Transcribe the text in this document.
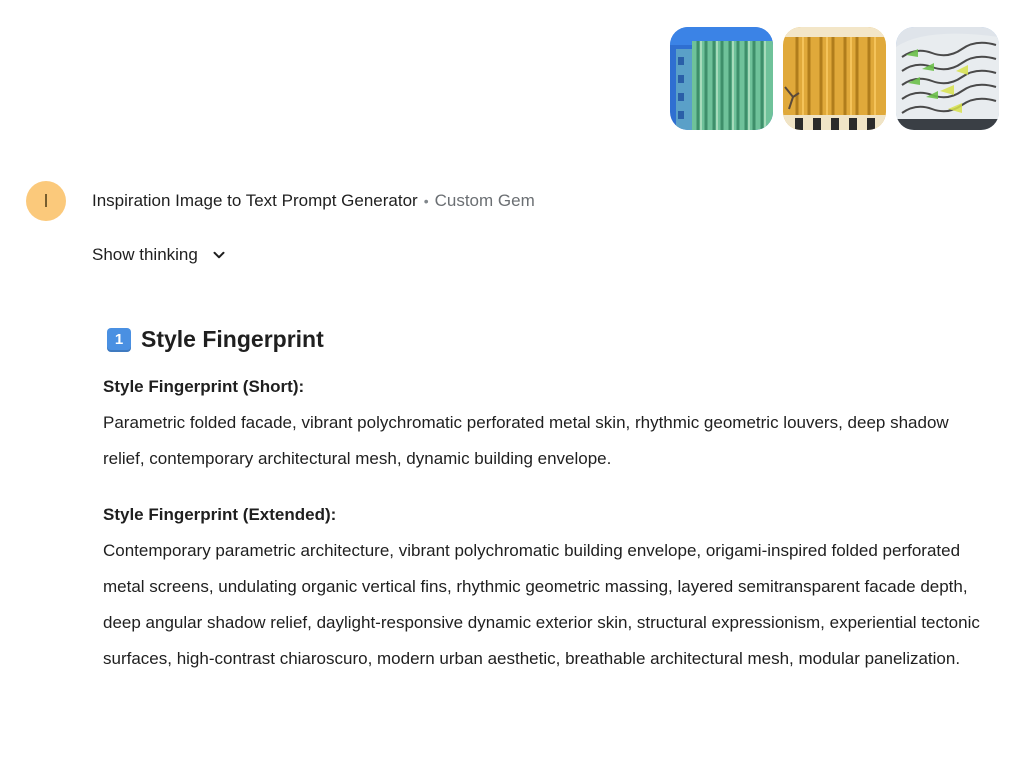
I	Inspiration Image to Text Prompt Generator • Custom Gem
Show thinking
1 Style Fingerprint

Style Fingerprint (Short):

Parametric folded facade, vibrant polychromatic perforated metal skin, rhythmic geometric louvers, deep shadow relief, contemporary architectural mesh, dynamic building envelope.

Style Fingerprint (Extended):

Contemporary parametric architecture, vibrant polychromatic building envelope, origami-inspired folded perforated metal screens, undulating organic vertical fins, rhythmic geometric massing, layered semitransparent facade depth, deep angular shadow relief, daylight-responsive dynamic exterior skin, structural expressionism, experiential tectonic surfaces, high-contrast chiaroscuro, modern urban aesthetic, breathable architectural mesh, modular panelization.
